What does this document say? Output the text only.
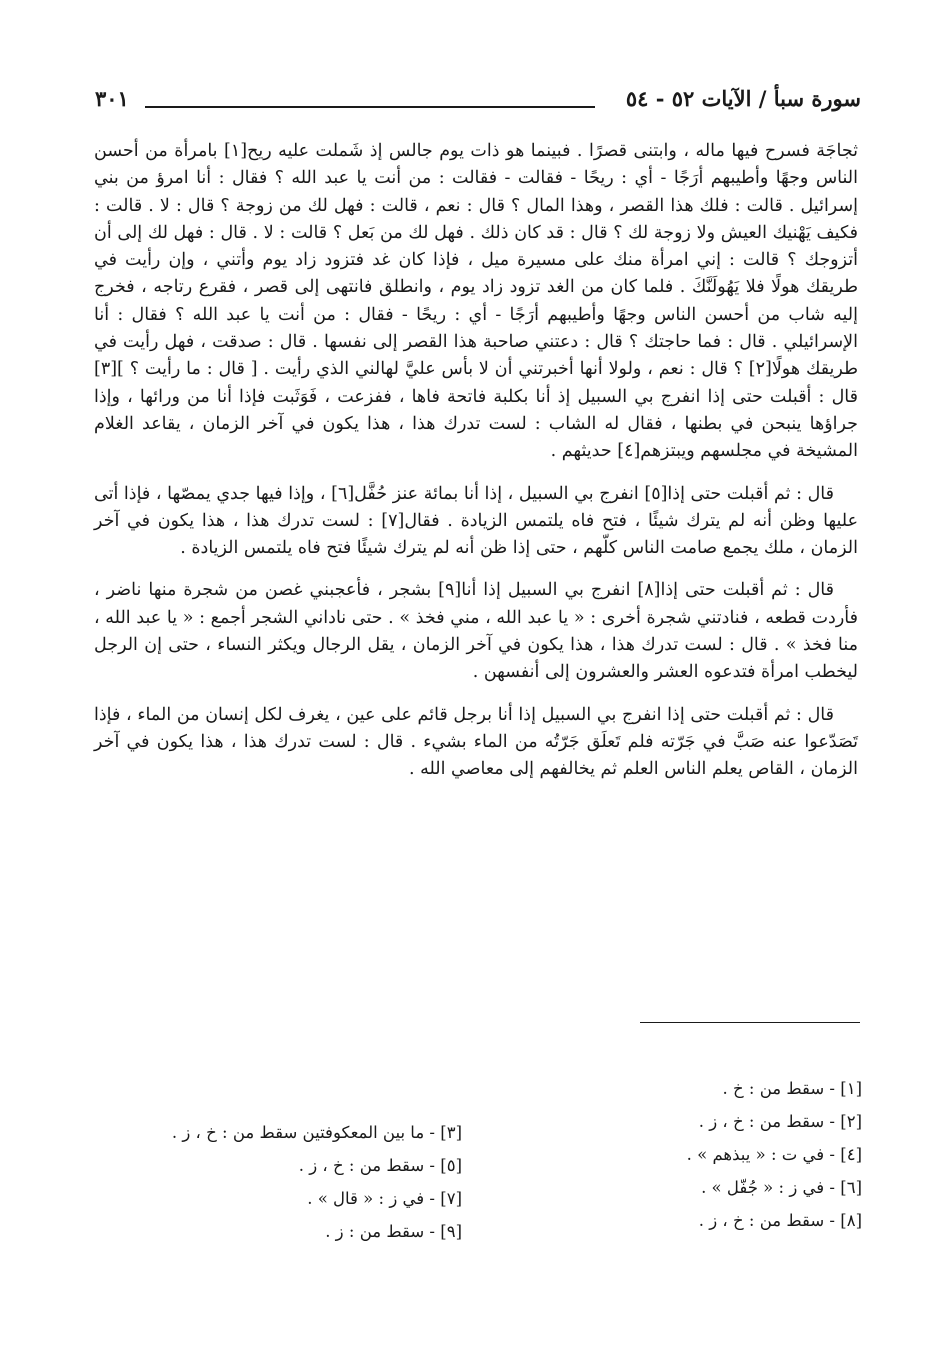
سورة سبأ / الآيات ٥٢ - ٥٤
٣٠١

ثجاجَة فسرح فيها ماله ، وابتنى قصرًا . فبينما هو ذات يوم جالس إذ شَملت عليه ريح[١] بامرأة من أحسن الناس وجهًا وأطيبهم أرَجًا - أي : ريحًا - فقالت - فقالت : من أنت يا عبد الله ؟ فقال : أنا امرؤ من بني إسرائيل . قالت : فلك هذا القصر ، وهذا المال ؟ قال : نعم ، قالت : فهل لك من زوجة ؟ قال : لا . قالت : فكيف يَهْنيك العيش ولا زوجة لك ؟ قال : قد كان ذلك . فهل لك من بَعل ؟ قالت : لا . قال : فهل لك إلى أن أتزوجك ؟ قالت : إني امرأة منك على مسيرة ميل ، فإذا كان غد فتزود زاد يوم وأتني ، وإن رأيت في طريقك هولًا فلا يَهُولَنَّكَ . فلما كان من الغد تزود زاد يوم ، وانطلق فانتهى إلى قصر ، فقرع رتاجه ، فخرج إليه شاب من أحسن الناس وجهًا وأطيبهم أرَجًا - أي : ريحًا - فقال : من أنت يا عبد الله ؟ فقال : أنا الإسرائيلي . قال : فما حاجتك ؟ قال : دعتني صاحبة هذا القصر إلى نفسها . قال : صدقت ، فهل رأيت في طريقك هولًا[٢] ؟ قال : نعم ، ولولا أنها أخبرتني أن لا بأس عليَّ لهالني الذي رأيت . [ قال : ما رأيت ؟ ][٣] قال : أقبلت حتى إذا انفرج بي السبيل إذ أنا بكلبة فاتحة فاها ، ففزعت ، فَوَثَبت فإذا أنا من ورائها ، وإذا جراؤها ينبحن في بطنها ، فقال له الشاب : لست تدرك هذا ، هذا يكون في آخر الزمان ، يقاعد الغلام المشيخة في مجلسهم ويبتزهم[٤] حديثهم .

قال : ثم أقبلت حتى إذا[٥] انفرج بي السبيل ، إذا أنا بمائة عنز حُفَّل[٦] ، وإذا فيها جدي يمصّها ، فإذا أتى عليها وظن أنه لم يترك شيئًا ، فتح فاه يلتمس الزيادة . فقال[٧] : لست تدرك هذا ، هذا يكون في آخر الزمان ، ملك يجمع صامت الناس كلّهم ، حتى إذا ظن أنه لم يترك شيئًا فتح فاه يلتمس الزيادة .

قال : ثم أقبلت حتى إذا[٨] انفرج بي السبيل إذا أنا[٩] بشجر ، فأعجبني غصن من شجرة منها ناضر ، فأردت قطعه ، فنادتني شجرة أخرى : « يا عبد الله ، مني فخذ » . حتى ناداني الشجر أجمع : « يا عبد الله ، منا فخذ » . قال : لست تدرك هذا ، هذا يكون في آخر الزمان ، يقل الرجال ويكثر النساء ، حتى إن الرجل ليخطب امرأة فتدعوه العشر والعشرون إلى أنفسهن .

قال : ثم أقبلت حتى إذا انفرج بي السبيل إذا أنا برجل قائم على عين ، يغرف لكل إنسان من الماء ، فإذا تَصَدّعوا عنه صَبَّ في جَرّته فلم تَعلَق جَرّتُه من الماء بشيء . قال : لست تدرك هذا ، هذا يكون في آخر الزمان ، القاص يعلم الناس العلم ثم يخالفهم إلى معاصي الله .

[١] - سقط من : خ .
[٢] - سقط من : خ ، ز .
[٤] - في ت : « يبذهم » .
[٦] - في ز : « جُفّل » .
[٨] - سقط من : خ ، ز .
[٣] - ما بين المعكوفتين سقط من : خ ، ز .
[٥] - سقط من : خ ، ز .
[٧] - في ز : « قال » .
[٩] - سقط من : ز .
